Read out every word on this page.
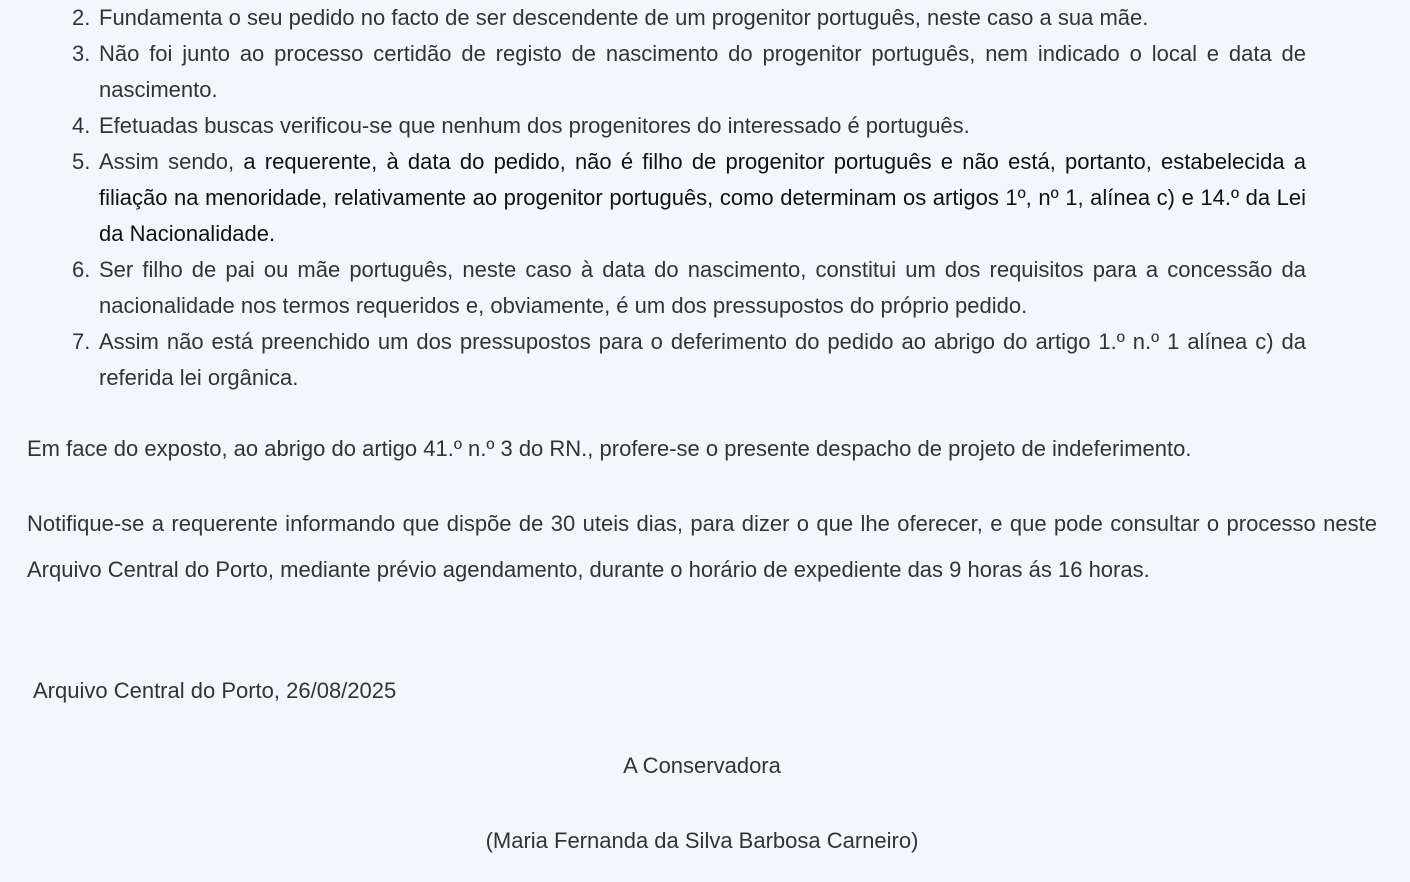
2. Fundamenta o seu pedido no facto de ser descendente de um progenitor português, neste caso a sua mãe.
3. Não foi junto ao processo certidão de registo de nascimento do progenitor português, nem indicado o local e data de nascimento.
4. Efetuadas buscas verificou-se que nenhum dos progenitores do interessado é português.
5. Assim sendo, a requerente, à data do pedido, não é filho de progenitor português e não está, portanto, estabelecida a filiação na menoridade, relativamente ao progenitor português, como determinam os artigos 1º, nº 1, alínea c) e 14.º da Lei da Nacionalidade.
6. Ser filho de pai ou mãe português, neste caso à data do nascimento, constitui um dos requisitos para a concessão da nacionalidade nos termos requeridos e, obviamente, é um dos pressupostos do próprio pedido.
7. Assim não está preenchido um dos pressupostos para o deferimento do pedido ao abrigo do artigo 1.º n.º 1 alínea c) da referida lei orgânica.

Em face do exposto, ao abrigo do artigo 41.º n.º 3 do RN., profere-se o presente despacho de projeto de indeferimento.

Notifique-se a requerente informando que dispõe de 30 uteis dias, para dizer o que lhe oferecer, e que pode consultar o processo neste Arquivo Central do Porto, mediante prévio agendamento, durante o horário de expediente das 9 horas ás 16 horas.

Arquivo Central do Porto, 26/08/2025

A Conservadora

(Maria Fernanda da Silva Barbosa Carneiro)
